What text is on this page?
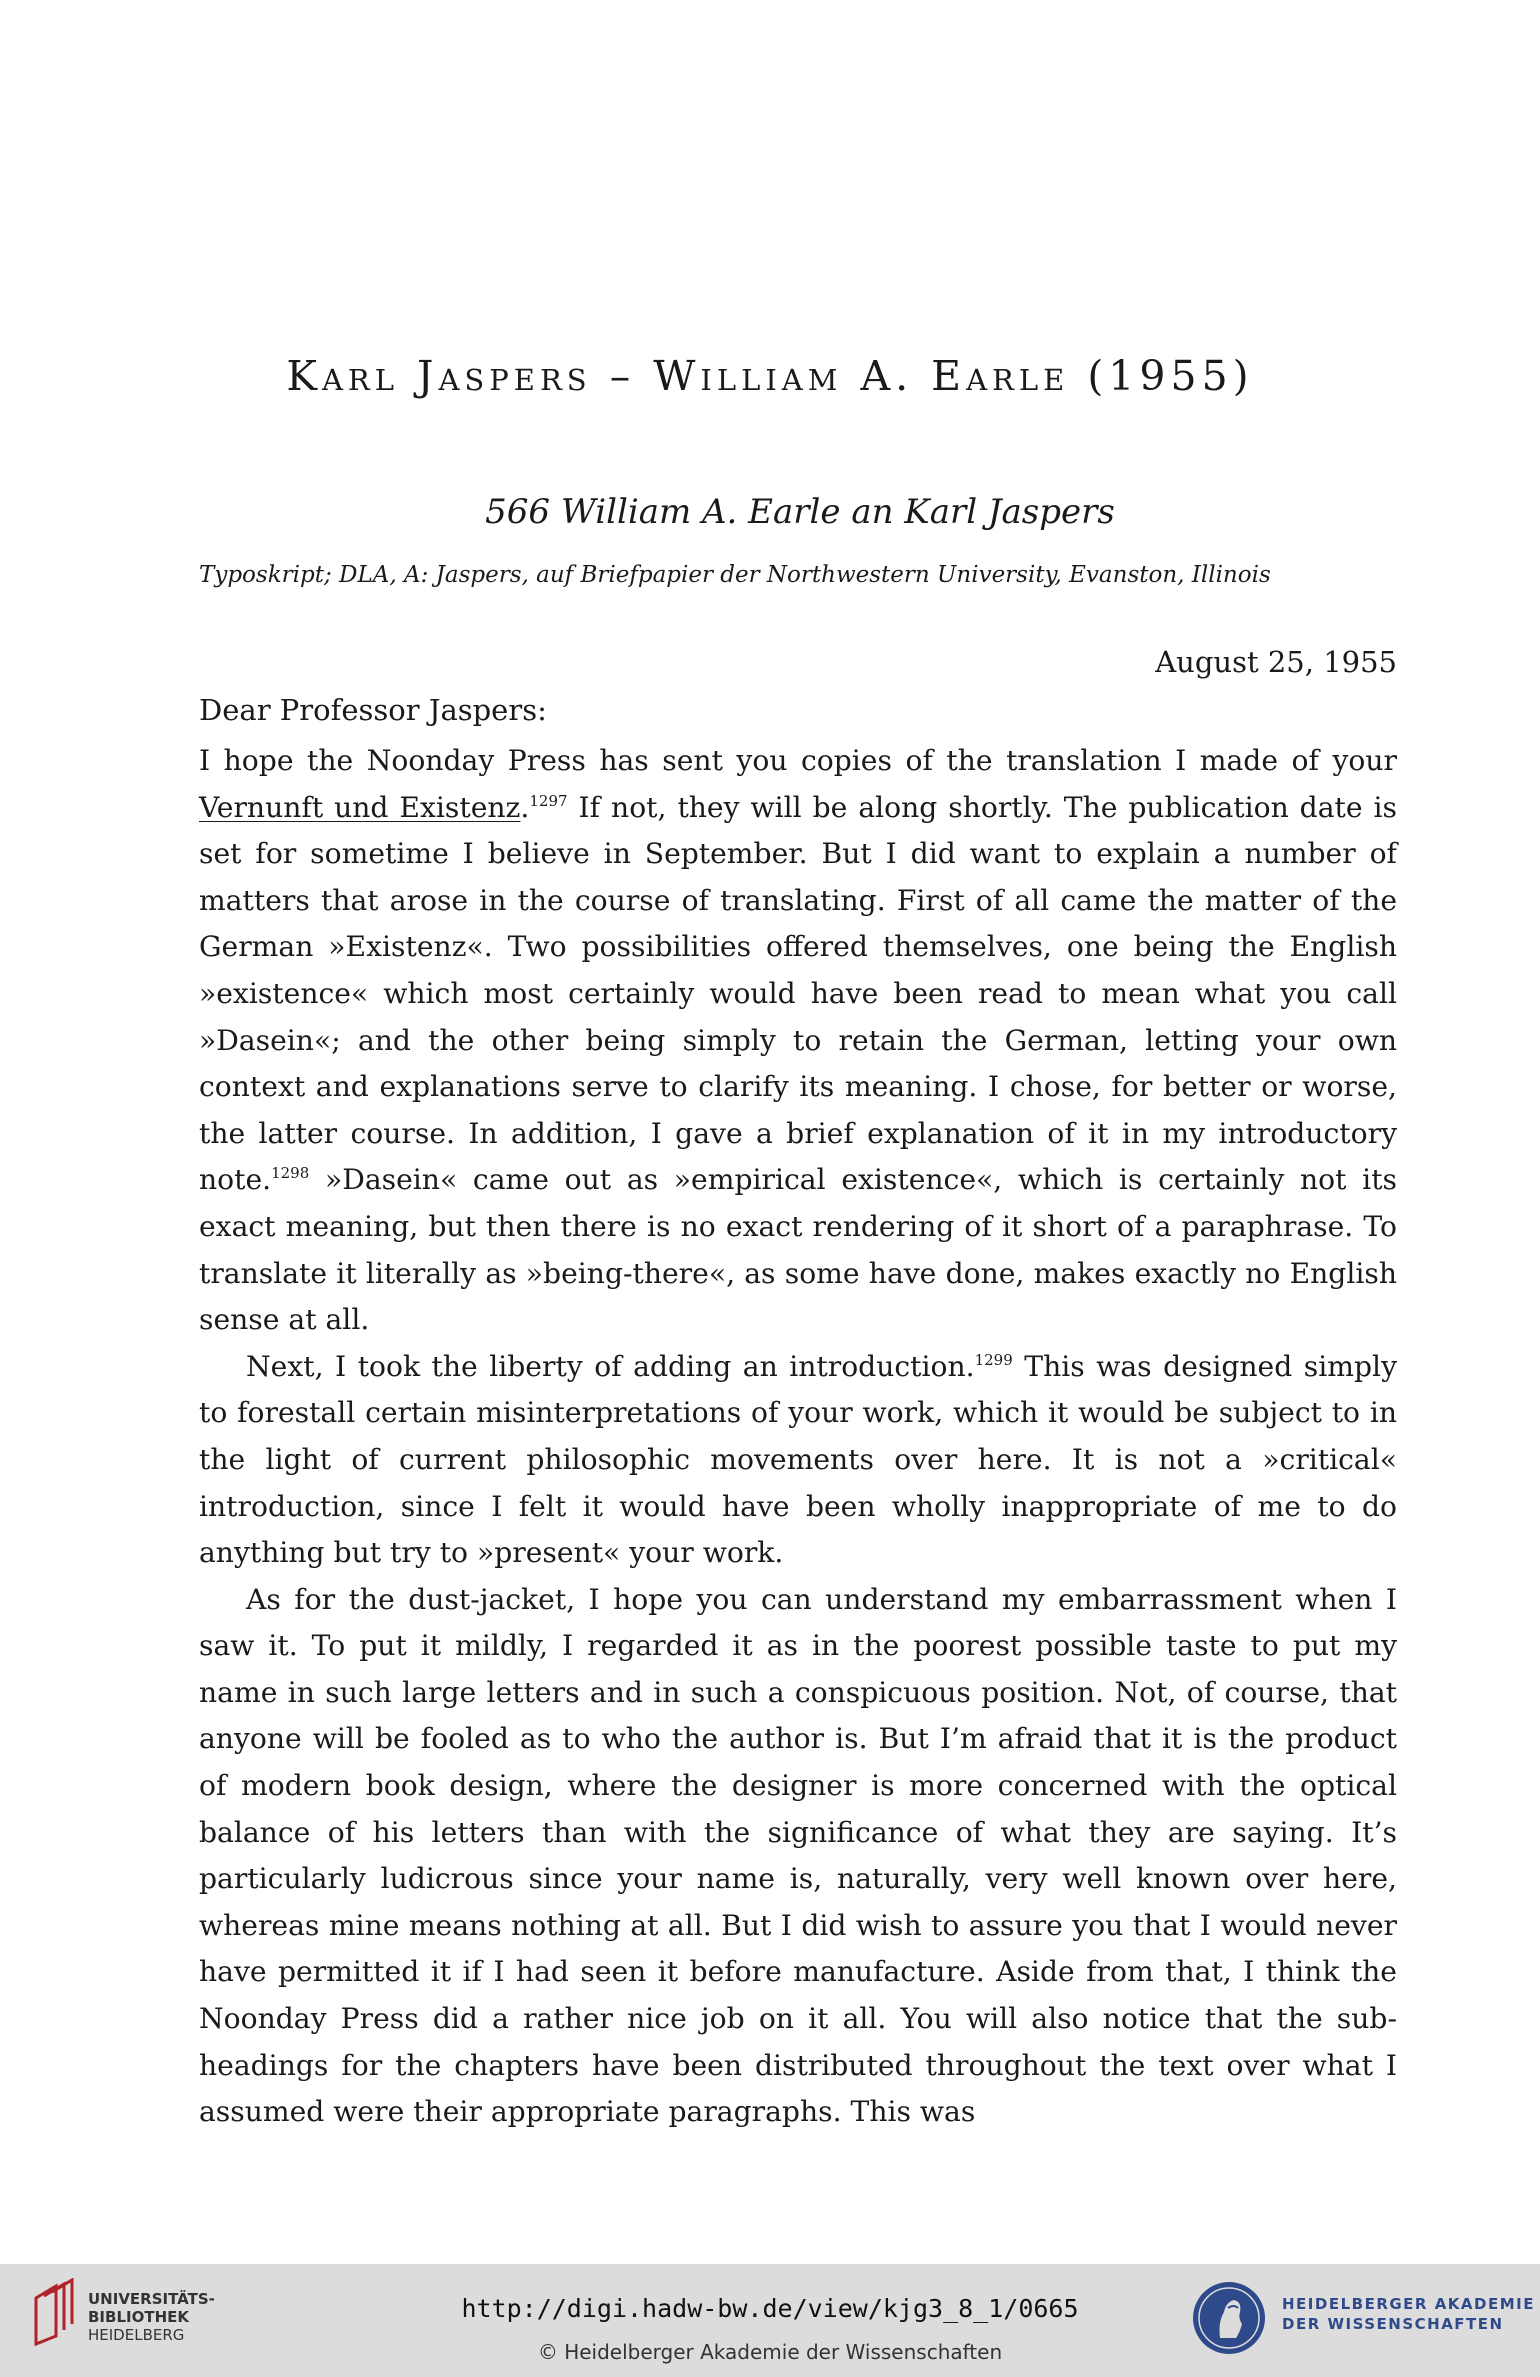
Karl Jaspers – William A. Earle (1955)
566 William A. Earle an Karl Jaspers
Typoskript; DLA, A: Jaspers, auf Briefpapier der Northwestern University, Evanston, Illinois
August 25, 1955
Dear Professor Jaspers:

I hope the Noonday Press has sent you copies of the translation I made of your Vernunft und Existenz.$^{1297}$ If not, they will be along shortly. The publication date is set for sometime I believe in September. But I did want to explain a number of matters that arose in the course of translating. First of all came the matter of the German »Existenz«. Two possibilities offered themselves, one being the English »existence« which most certainly would have been read to mean what you call »Dasein«; and the other being simply to retain the German, letting your own context and explanations serve to clarify its meaning. I chose, for better or worse, the latter course. In addition, I gave a brief explanation of it in my introductory note.$^{1298}$ »Dasein« came out as »empirical existence«, which is certainly not its exact meaning, but then there is no exact rendering of it short of a paraphrase. To translate it literally as »being-there«, as some have done, makes exactly no English sense at all.

Next, I took the liberty of adding an introduction.$^{1299}$ This was designed simply to forestall certain misinterpretations of your work, which it would be subject to in the light of current philosophic movements over here. It is not a »critical« introduction, since I felt it would have been wholly inappropriate of me to do anything but try to »present« your work.

As for the dust-jacket, I hope you can understand my embarrassment when I saw it. To put it mildly, I regarded it as in the poorest possible taste to put my name in such large letters and in such a conspicuous position. Not, of course, that anyone will be fooled as to who the author is. But I’m afraid that it is the product of modern book design, where the designer is more concerned with the optical balance of his letters than with the significance of what they are saying. It’s particularly ludicrous since your name is, naturally, very well known over here, whereas mine means nothing at all. But I did wish to assure you that I would never have permitted it if I had seen it before manufacture. Aside from that, I think the Noonday Press did a rather nice job on it all. You will also notice that the sub-headings for the chapters have been distributed throughout the text over what I assumed were their appropriate paragraphs. This was

UNIVERSITÄTS-
BIBLIOTHEK
HEIDELBERG
http://digi.hadw-bw.de/view/kjg3_8_1/0665
© Heidelberger Akademie der Wissenschaften
HEIDELBERGER AKADEMIE
DER WISSENSCHAFTEN
